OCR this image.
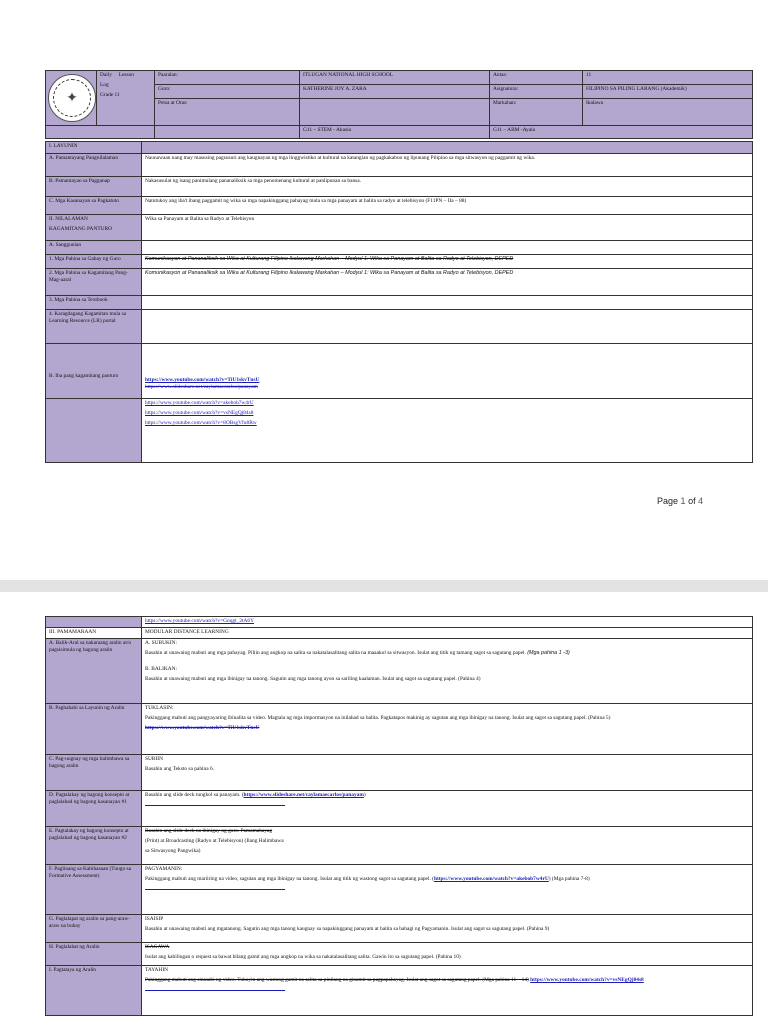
✦	Daily Lesson
Log
Grade 11	Paaralan:	ITLUGAN NATIONAL HIGH SCHOOL	Antas:	11
		Guro:	KATHERINE JOY A. ZARA	Asignatura:	FILIPINO SA PILING LARANG (Akademik)
		Petsa at Oras:		Markahan:	Ikalawa
			G11 – STEM - Akasia	G11 – ABM -Ayala	
I. LAYUNIN	
A. Pamantayang Pangnilalaman	Naunawaan nang may masusing pagsusuri ang kaugnayan ng mga linggwistiko at kultural na katangian ng pagkakabuo ng lipunang Pilipino sa mga sitwasyon ng paggamit ng wika.
B. Pamantayan sa Pagganap	Nakasusulat ng isang panimulang pananaliksik sa mga penomenang kultural at panlipunan sa bansa.
C. Mga Kasanayan sa Pagkatuto	Natutukoy ang iba't ibang paggamit ng wika sa mga napakinggang pahayag mula sa mga panayam at balita sa radyo at telebisyon (F11PN – IIa – 88)

II. NILALAMAN
KAGAMITANG PANTURO	Wika sa Panayam at Balita sa Radyo at Telebisyon
A. Sanggunian	
1. Mga Pahina sa Gabay ng Guro	Komunikasyon at Pananaliksik sa Wika at Kulturang Filipino Ikalawang Markahan – Modyul 1: Wika sa Panayam at Balita sa Radyo at Telebisyon, DEPED
2. Mga Pahina sa Kagamitang Pang-Mag-aaral	Komunikasyon at Pananaliksik sa Wika at Kulturang Filipino Ikalawang Markahan – Modyul 1: Wika sa Panayam at Balita sa Radyo at Telebisyon, DEPED
3. Mga Pahina sa Textbook	
4. Karagdagang Kagamitan mula sa Learning Resource (LR) portal	

B. Iba pang kagamitang panturo	https://www.youtube.com/watch?v=TiU1skvTnsU
https://www.slideshare.net/caylamaecarlos/panayam

	https://www.youtube.com/watch?v=akebob7w4rU
https://www.youtube.com/watch?v=vsNEgQj84s8
https://www.youtube.com/watch?v=8OBsgVfu8Rw
Page 1 of 4
	https://www.youtube.com/watch?v=Gnqgt_2tA6Y
III. PAMAMARAAN	MODULAR DISTANCE LEARNING
A. Balik-Aral sa nakaraang aralin at/o pagsisimula ng bagong aralin	A. SUBUKIN:
Basahin at unawaing mabuti ang mga pahayag. Piliin ang angkop na salita sa nakatalasalitang salita na maaakol sa sitwasyon. Isulat ang titik ng tamang sagot sa sagutang papel. (Mga pahina 1 -3)
B. BALIKAN:
Basahin at unawaing mabuti ang mga ibinigay na tanong. Sagutin ang mga tanong ayon sa sariling kaalaman. Isulat ang sagot sa sagutang papel. (Pahina 4)

B. Paghahabi sa Layunin ng Aralin	TUKLASIN:
Pakinggang mabuti ang pangyayaring ibinalita sa video. Magtala ng mga impormasyon na inilahad sa balita. Pagkatapos makinig ay sagutan ang mga ibinigay na tanong. Isulat ang sagot sa sagutang papel. (Pahina 5)
https://www.youtube.com/watch?v=TiU1skvTnsU

C. Pag-uugnay ng mga halimbawa sa bagong aralin	SURIIN
Basahin ang Teksto sa pahina 6.

D. Pagtalakay ng bagong konsepto at paglalahad ng bagong kasanayan #1	Basahin ang slide deck tungkol sa panayam. (https://www.slideshare.net/caylamaecarlos/panayam)

E. Pagtalakay ng bagong konsepto at paglalahad ng bagong kasanayan #2	Basahin ang slide deck na ibinigay ng guro. Pamamahayag
(Print) at Broadcasting (Radyo at Telebisyon) (Ilang Halimbawa
sa Sitwasyong Pangwika)

F. Paglinang sa Kabihasaan (Tungo sa Formative Assessment)	PAGYAMANIN:
Pakinggang mabuti ang mariiring na video, sagutan ang mga ibinigay na tanong. Isulat ang titik ng wastong sagot sa sagutang papel. (https://www.youtube.com/watch?v=akebob7w4rU) (Mga pahina 7-8)

G. Paglalapat ng aralin sa pang-araw-araw na buhay	ISAISIP
Basahin at unawaing mabuti ang mgatanong. Sagutin ang mga tanong kaugnay sa napakinggang panayam at balita sa bahagi ng Pagyamanin. Isulat ang sagot sa sagutang papel. (Pahina 9)

H. Paglalahat ng Aralin	ISAGAWA
Isulat ang kabilingan o request sa bawat bilang gamit ang mga angkop na wika sa nakatalasalitang salita. Gawin ito sa sagutang papel. (Pahina 10)

I. Pagtataya ng Aralin	TAYAHIN
Pakinggang mabuti ang sinasabi ng video. Tukuyin ang wastong gamit na salita sa pinilang na ginamit sa pagpapahayag. Isulat ang sagot sa sagutang papel. (Mga pahina 11 – 14) https://www.youtube.com/watch?v=vsNEgQj84s8
